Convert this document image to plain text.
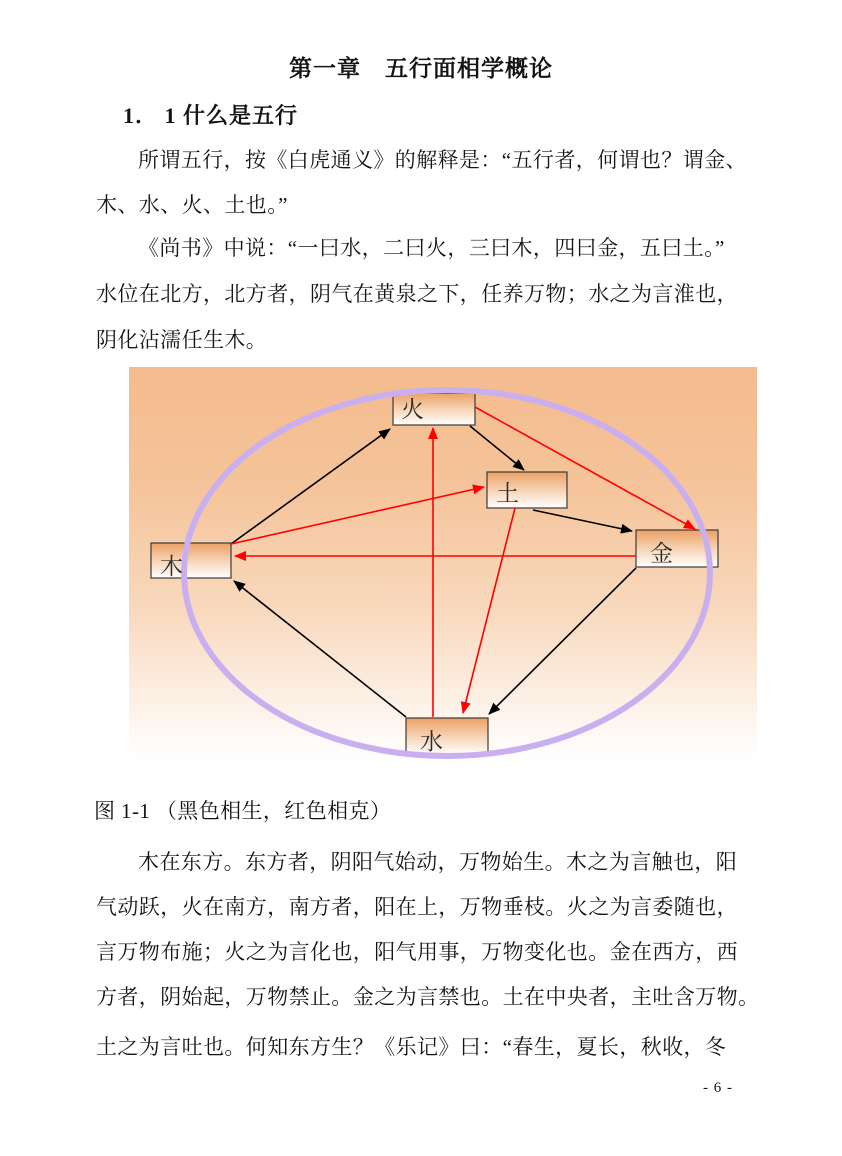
第一章　五行面相学概论
1． 1 什么是五行
所谓五行，按《白虎通义》的解释是：“五行者，何谓也？谓金、
木、水、火、土也。”
《尚书》中说：“一曰水，二曰火，三曰木，四曰金，五曰土。”
水位在北方，北方者，阴气在黄泉之下，任养万物；水之为言淮也，
阴化沾濡任生木。
火
土
金
木
水
图 1-1 （黑色相生，红色相克）
木在东方。东方者，阴阳气始动，万物始生。木之为言触也，阳
气动跃，火在南方，南方者，阳在上，万物垂枝。火之为言委随也，
言万物布施；火之为言化也，阳气用事，万物变化也。金在西方，西
方者，阴始起，万物禁止。金之为言禁也。土在中央者，主吐含万物。
土之为言吐也。何知东方生？《乐记》曰：“春生，夏长，秋收，冬
- 6 -
